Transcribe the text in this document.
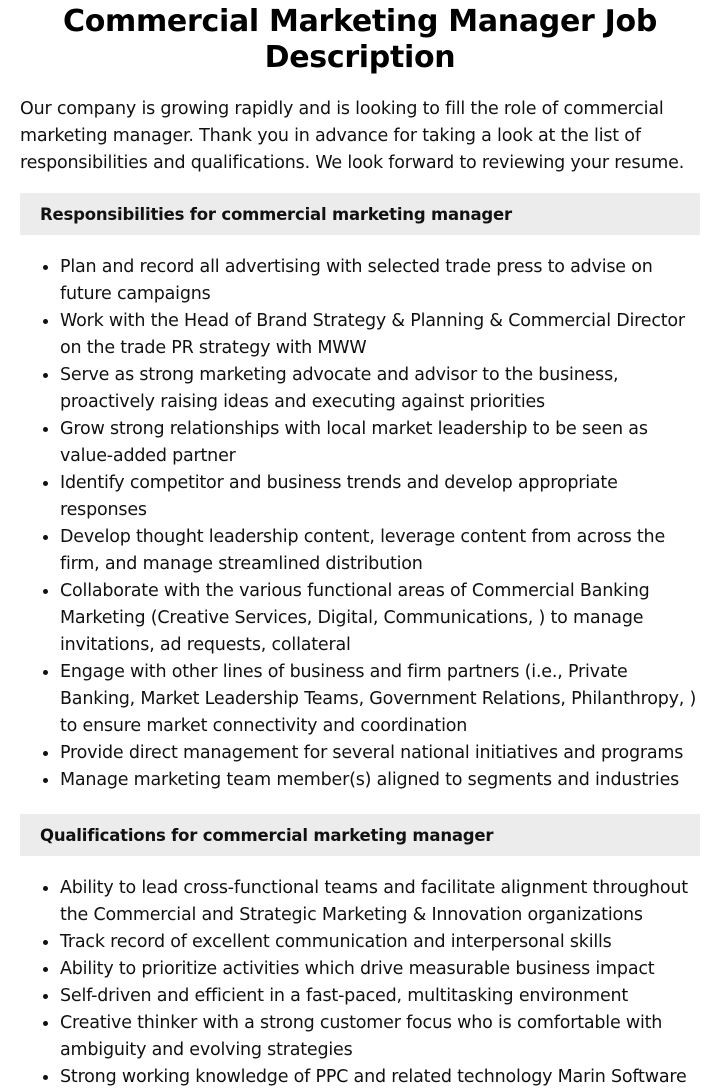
Commercial Marketing Manager Job Description

Our company is growing rapidly and is looking to fill the role of commercial marketing manager. Thank you in advance for taking a look at the list of responsibilities and qualifications. We look forward to reviewing your resume.

Responsibilities for commercial marketing manager
Plan and record all advertising with selected trade press to advise on future campaigns
Work with the Head of Brand Strategy & Planning & Commercial Director on the trade PR strategy with MWW
Serve as strong marketing advocate and advisor to the business, proactively raising ideas and executing against priorities
Grow strong relationships with local market leadership to be seen as value-added partner
Identify competitor and business trends and develop appropriate responses
Develop thought leadership content, leverage content from across the firm, and manage streamlined distribution
Collaborate with the various functional areas of Commercial Banking Marketing (Creative Services, Digital, Communications, ) to manage invitations, ad requests, collateral
Engage with other lines of business and firm partners (i.e., Private Banking, Market Leadership Teams, Government Relations, Philanthropy, ) to ensure market connectivity and coordination
Provide direct management for several national initiatives and programs
Manage marketing team member(s) aligned to segments and industries
Qualifications for commercial marketing manager
Ability to lead cross-functional teams and facilitate alignment throughout the Commercial and Strategic Marketing & Innovation organizations
Track record of excellent communication and interpersonal skills
Ability to prioritize activities which drive measurable business impact
Self-driven and efficient in a fast-paced, multitasking environment
Creative thinker with a strong customer focus who is comfortable with ambiguity and evolving strategies
Strong working knowledge of PPC and related technology Marin Software
